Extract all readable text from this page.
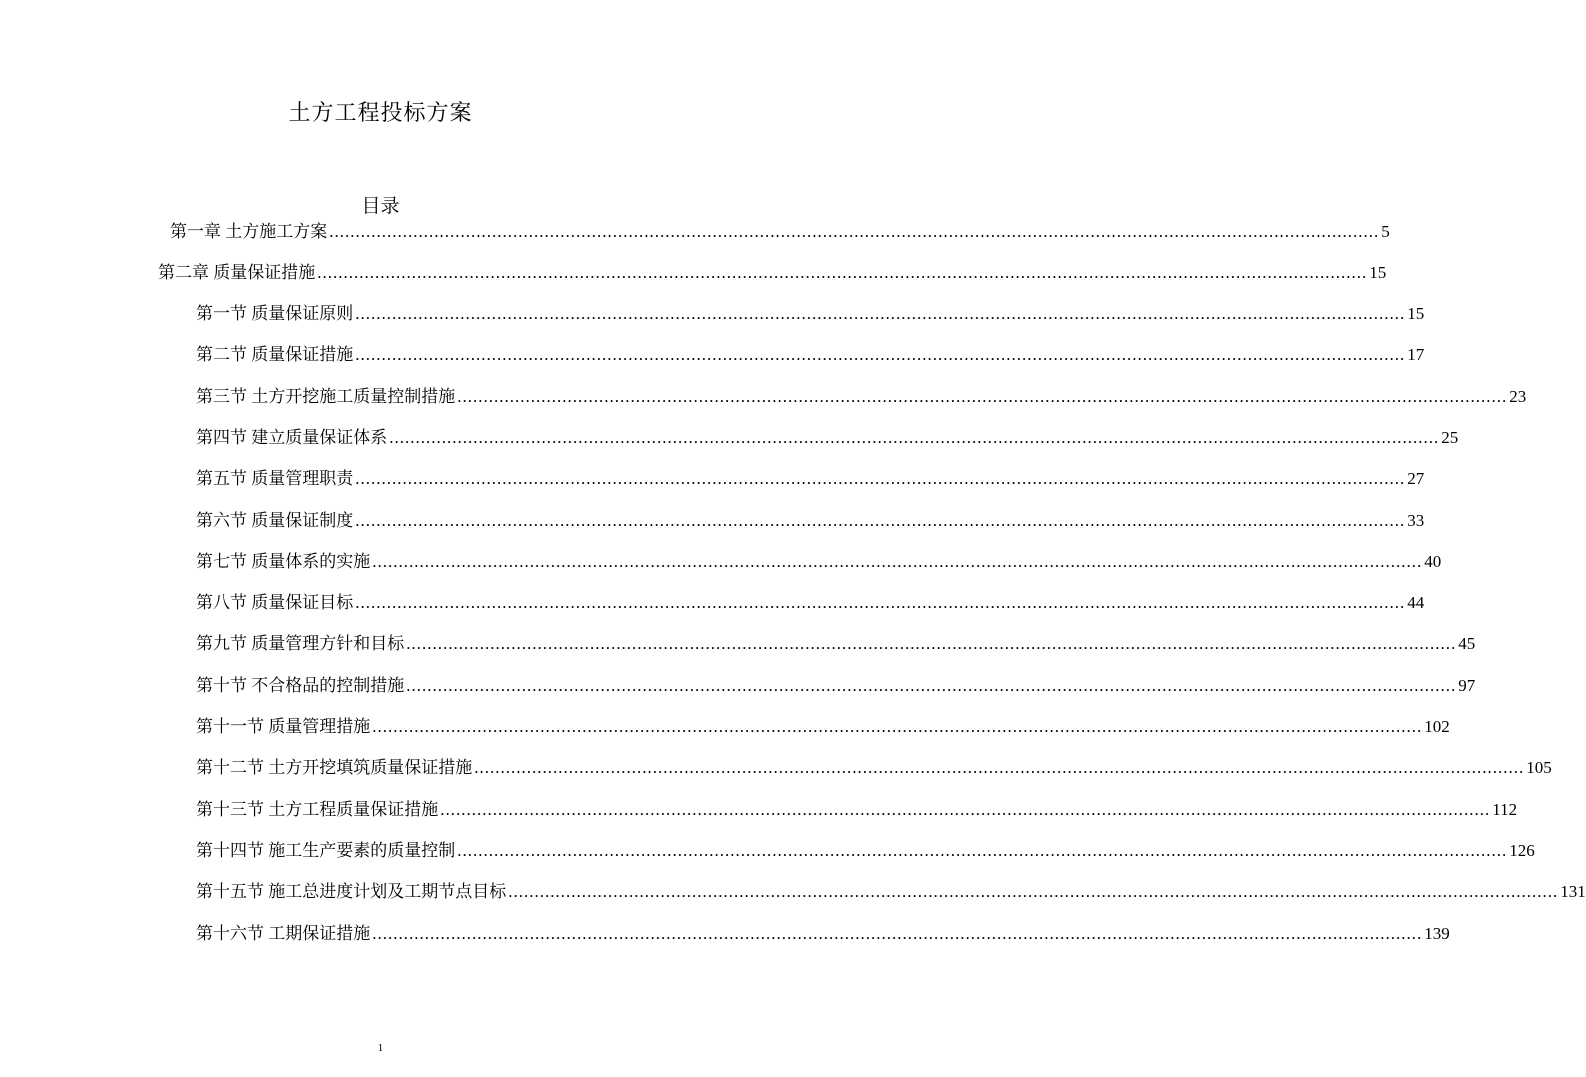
土方工程投标方案
目录
第一章 土方施工方案 ........................................................................................................................................................................................................ 5
第二章 质量保证措施 ........................................................................................................................................................................................................ 15
第一节 质量保证原则 ........................................................................................................................................................................................................ 15
第二节 质量保证措施 ........................................................................................................................................................................................................ 17
第三节 土方开挖施工质量控制措施 ........................................................................................................................................................................................................ 23
第四节 建立质量保证体系 ........................................................................................................................................................................................................ 25
第五节 质量管理职责 ........................................................................................................................................................................................................ 27
第六节 质量保证制度 ........................................................................................................................................................................................................ 33
第七节 质量体系的实施 ........................................................................................................................................................................................................ 40
第八节 质量保证目标 ........................................................................................................................................................................................................ 44
第九节 质量管理方针和目标 ........................................................................................................................................................................................................ 45
第十节 不合格品的控制措施 ........................................................................................................................................................................................................ 97
第十一节 质量管理措施 ........................................................................................................................................................................................................ 102
第十二节 土方开挖填筑质量保证措施 ........................................................................................................................................................................................................ 105
第十三节 土方工程质量保证措施 ........................................................................................................................................................................................................ 112
第十四节 施工生产要素的质量控制 ........................................................................................................................................................................................................ 126
第十五节 施工总进度计划及工期节点目标 ........................................................................................................................................................................................................ 131
第十六节 工期保证措施 ........................................................................................................................................................................................................ 139
1
